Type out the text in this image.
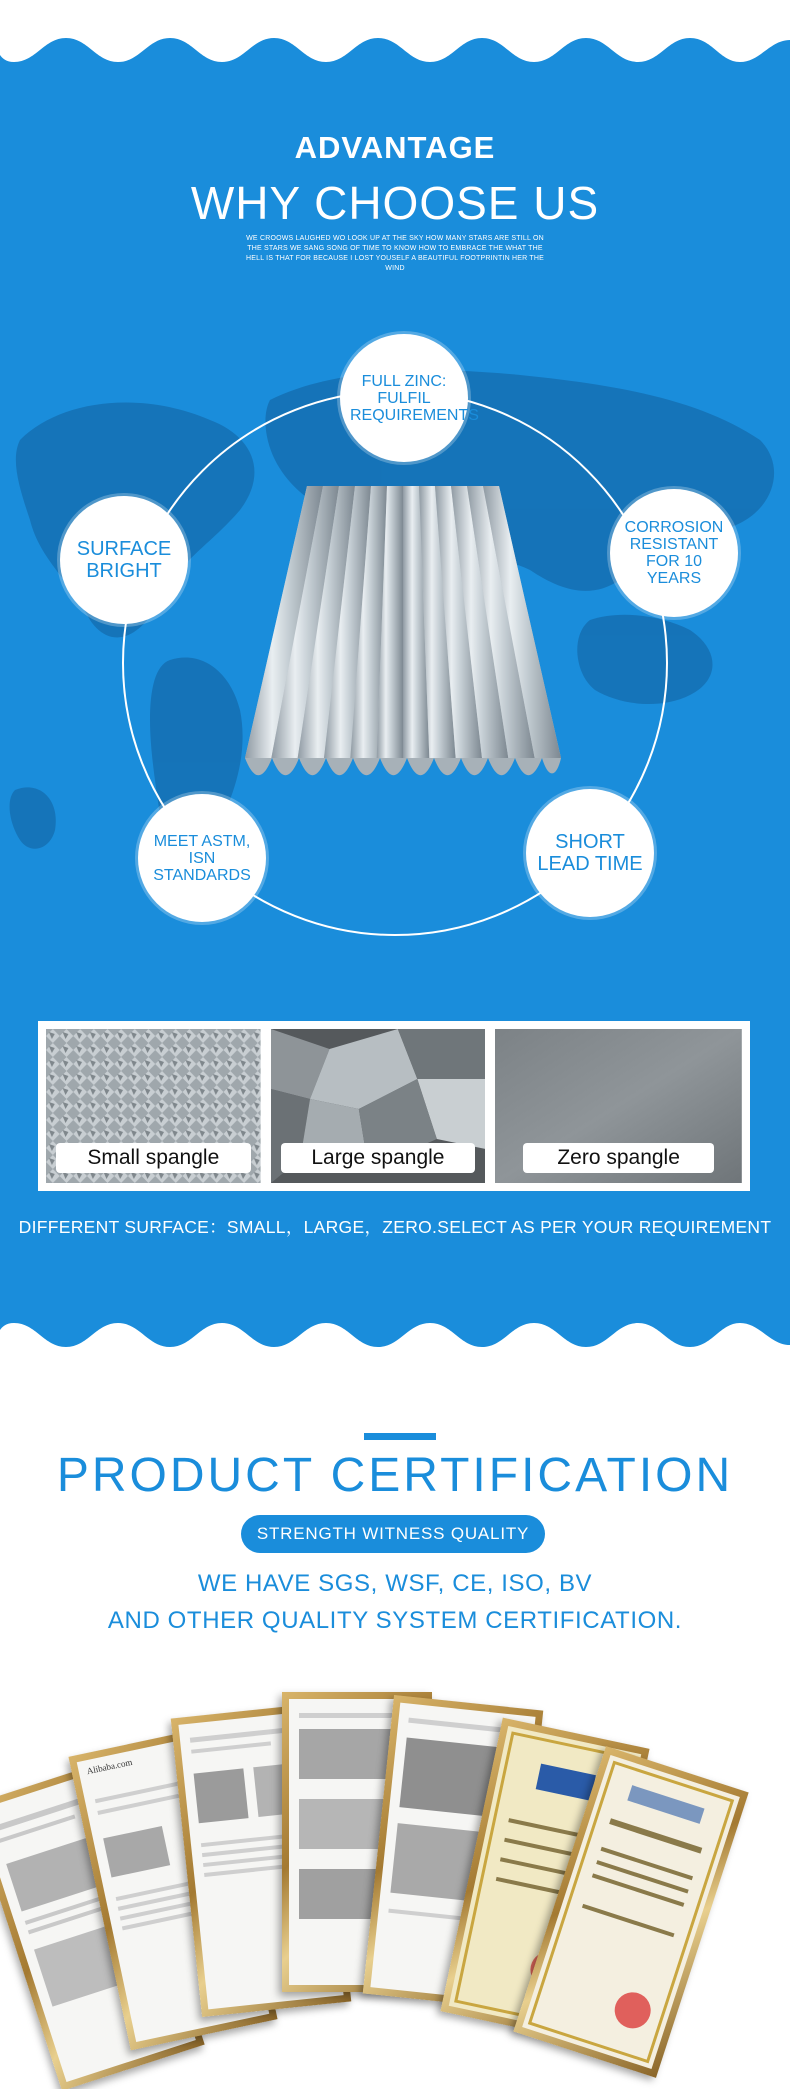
ADVANTAGE
WHY CHOOSE US

WE CROOWS LAUGHED WO LOOK UP AT THE SKY HOW MANY STARS ARE STILL ON THE STARS WE SANG SONG OF TIME TO KNOW HOW TO EMBRACE THE WHAT THE HELL IS THAT FOR BECAUSE I LOST YOUSELF A BEAUTIFUL FOOTPRINTIN HER THE WIND

FULL ZINC: FULFIL REQUIREMENTS
CORROSION RESISTANT FOR 10 YEARS
SURFACE BRIGHT
MEET ASTM, ISN STANDARDS
SHORT LEAD TIME
Small spangle	Large spangle	Zero spangle

DIFFERENT SURFACE：SMALL，LARGE，ZERO.SELECT AS PER YOUR REQUIREMENT

PRODUCT CERTIFICATION
STRENGTH WITNESS QUALITY

WE HAVE SGS, WSF, CE, ISO, BV

AND OTHER QUALITY SYSTEM CERTIFICATION.

Alibaba.com
